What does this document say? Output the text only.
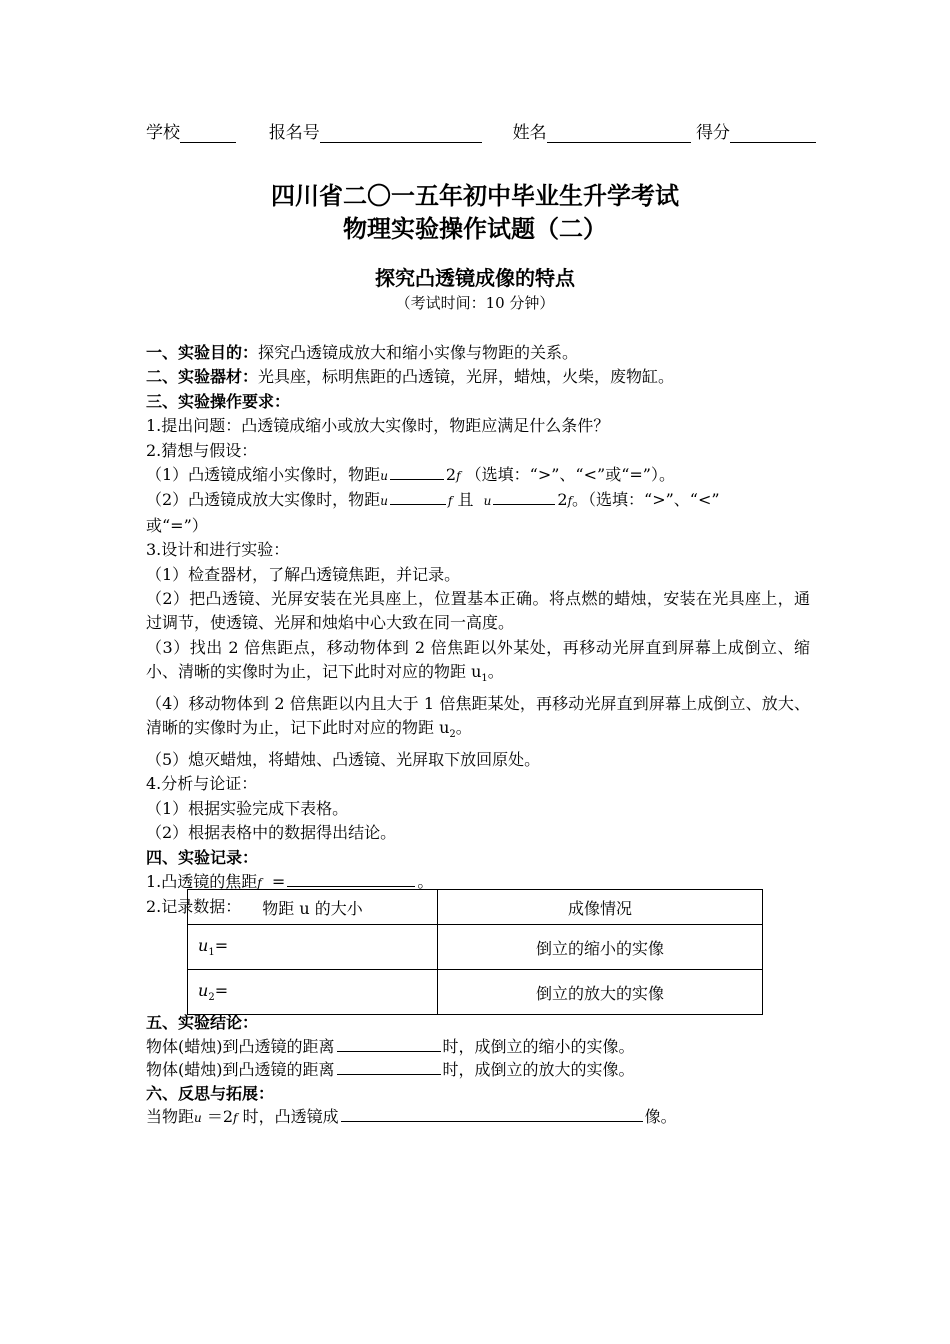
学校	报名号	姓名	得分
四川省二〇一五年初中毕业生升学考试
物理实验操作试题（二）
探究凸透镜成像的特点
（考试时间：10 分钟）
一、实验目的：探究凸透镜成放大和缩小实像与物距的关系。
二、实验器材：光具座，标明焦距的凸透镜，光屏，蜡烛，火柴，废物缸。
三、实验操作要求：
1.提出问题：凸透镜成缩小或放大实像时，物距应满足什么条件？
2.猜想与假设：
（1）凸透镜成缩小实像时，物距u	2f （选填：“>”、“<”或“=”）。
（2）凸透镜成放大实像时，物距u	f 且 u	2f。（选填：“>”、“<”
或“=”）
3.设计和进行实验：
（1）检查器材，了解凸透镜焦距，并记录。
（2）把凸透镜、光屏安装在光具座上，位置基本正确。将点燃的蜡烛，安装在光具座上，通过调节，使透镜、光屏和烛焰中心大致在同一高度。
（3）找出 2 倍焦距点，移动物体到 2 倍焦距以外某处，再移动光屏直到屏幕上成倒立、缩小、清晰的实像时为止，记下此时对应的物距 $u_1$。
（4）移动物体到 2 倍焦距以内且大于 1 倍焦距某处，再移动光屏直到屏幕上成倒立、放大、清晰的实像时为止，记下此时对应的物距 $u_2$。
（5）熄灭蜡烛，将蜡烛、凸透镜、光屏取下放回原处。
4.分析与论证：
（1）根据实验完成下表格。
（2）根据表格中的数据得出结论。
四、实验记录：
1.凸透镜的焦距f =	。
2.记录数据：	物距 u 的大小	成像情况
$u_1=$	倒立的缩小的实像
$u_2=$	倒立的放大的实像
五、实验结论：
物体(蜡烛)到凸透镜的距离	时，成倒立的缩小的实像。
物体(蜡烛)到凸透镜的距离	时，成倒立的放大的实像。
六、反思与拓展：
当物距u ＝2f 时，凸透镜成	像。
